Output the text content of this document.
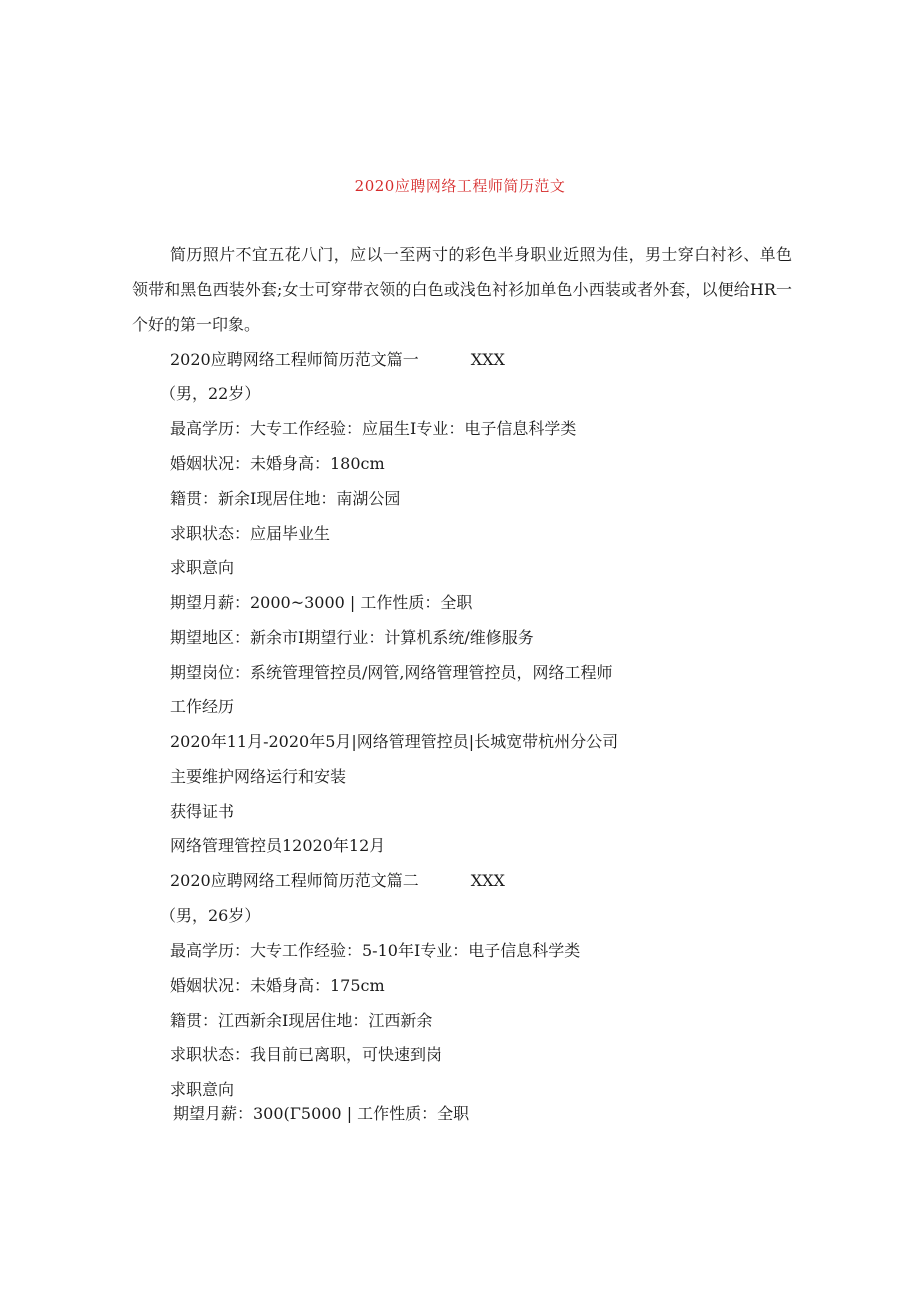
2020应聘网络工程师简历范文
简历照片不宜五花八门，应以一至两寸的彩色半身职业近照为佳，男士穿白衬衫、单色领带和黑色西装外套;女士可穿带衣领的白色或浅色衬衫加单色小西装或者外套，以便给HR一个好的第一印象。
2020应聘网络工程师简历范文篇一	XXX
（男，22岁）
最高学历：大专工作经验：应届生I专业：电子信息科学类
婚姻状况：未婚身高：180cm
籍贯：新余I现居住地：南湖公园
求职状态：应届毕业生
求职意向
期望月薪：2000~3000 | 工作性质：全职
期望地区：新余市I期望行业：计算机系统/维修服务
期望岗位：系统管理管控员/网管,网络管理管控员，网络工程师
工作经历
2020年11月-2020年5月|网络管理管控员|长城宽带杭州分公司
主要维护网络运行和安装
获得证书
网络管理管控员12020年12月
2020应聘网络工程师简历范文篇二	XXX
（男，26岁）
最高学历：大专工作经验：5-10年I专业：电子信息科学类
婚姻状况：未婚身高：175cm
籍贯：江西新余I现居住地：江西新余
求职状态：我目前已离职，可快速到岗
求职意向
期望月薪：300(Γ5000 | 工作性质：全职
